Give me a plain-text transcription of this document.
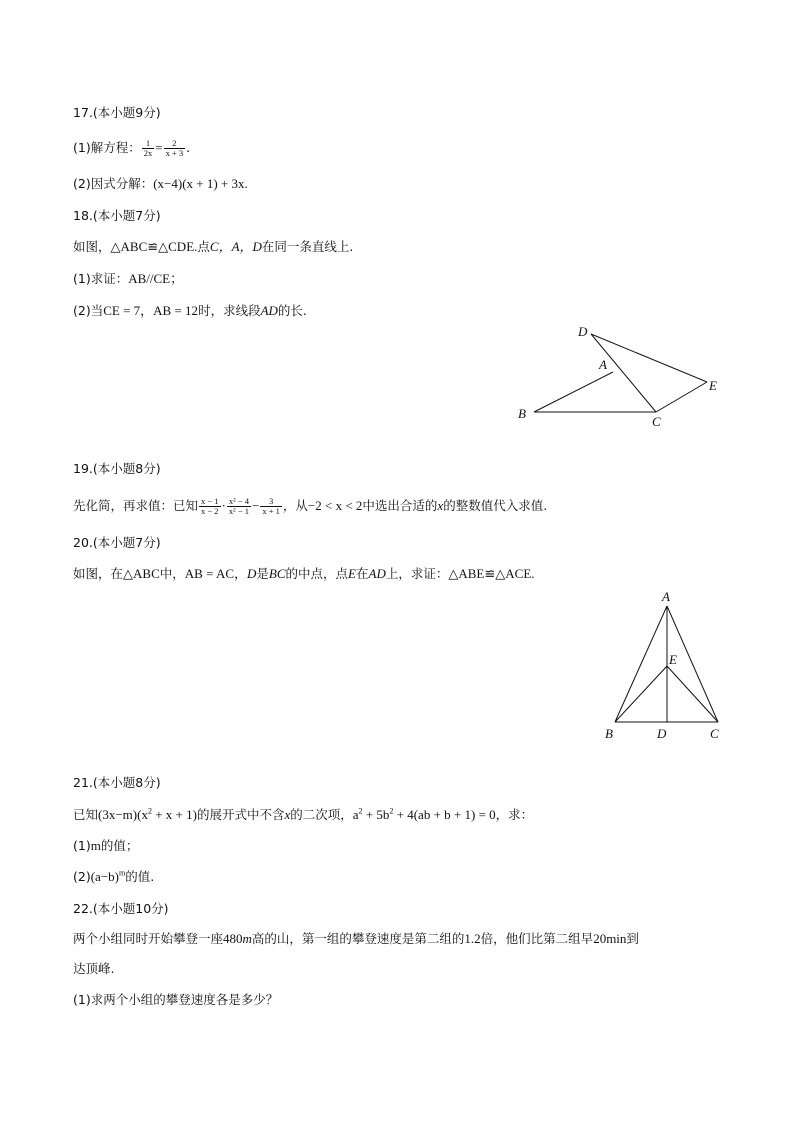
17.(本小题9分)
(1)解方程： $\frac{1}{2x} = \frac{2}{x + 3}$ .
(2)因式分解：(x−4)(x + 1) + 3x.
18.(本小题7分)
如图，△ABC≌△CDE.点C，A，D在同一条直线上.
(1)求证：AB//CE；
(2)当CE = 7，AB = 12时，求线段AD的长.
D
A
E
B
C
19.(本小题8分)
先化简，再求值：已知 $\frac{x - 1}{x - 2} \cdot \frac{\text{x² − 4}}{\text{x² − 1}} - \frac{3}{x + 1}$ ，从−2 < x < 2中选出合适的x的整数值代入求值.
20.(本小题7分)
如图，在△ABC中，AB = AC，D是BC的中点，点E在AD上，求证：△ABE≌△ACE.
A
E
B	D	C
21.(本小题8分)
已知$(3x-m)(x^2 + x + 1)$的展开式中不含x的二次项，$a^2 + 5b^2 + 4(ab + b + 1) = 0$，求：
(1)m的值；
$(2)(a-b)^m$的值.
22.(本小题10分)
两个小组同时开始攀登一座480m高的山，第一组的攀登速度是第二组的1.2倍，他们比第二组早20min到
达顶峰.
(1)求两个小组的攀登速度各是多少？
